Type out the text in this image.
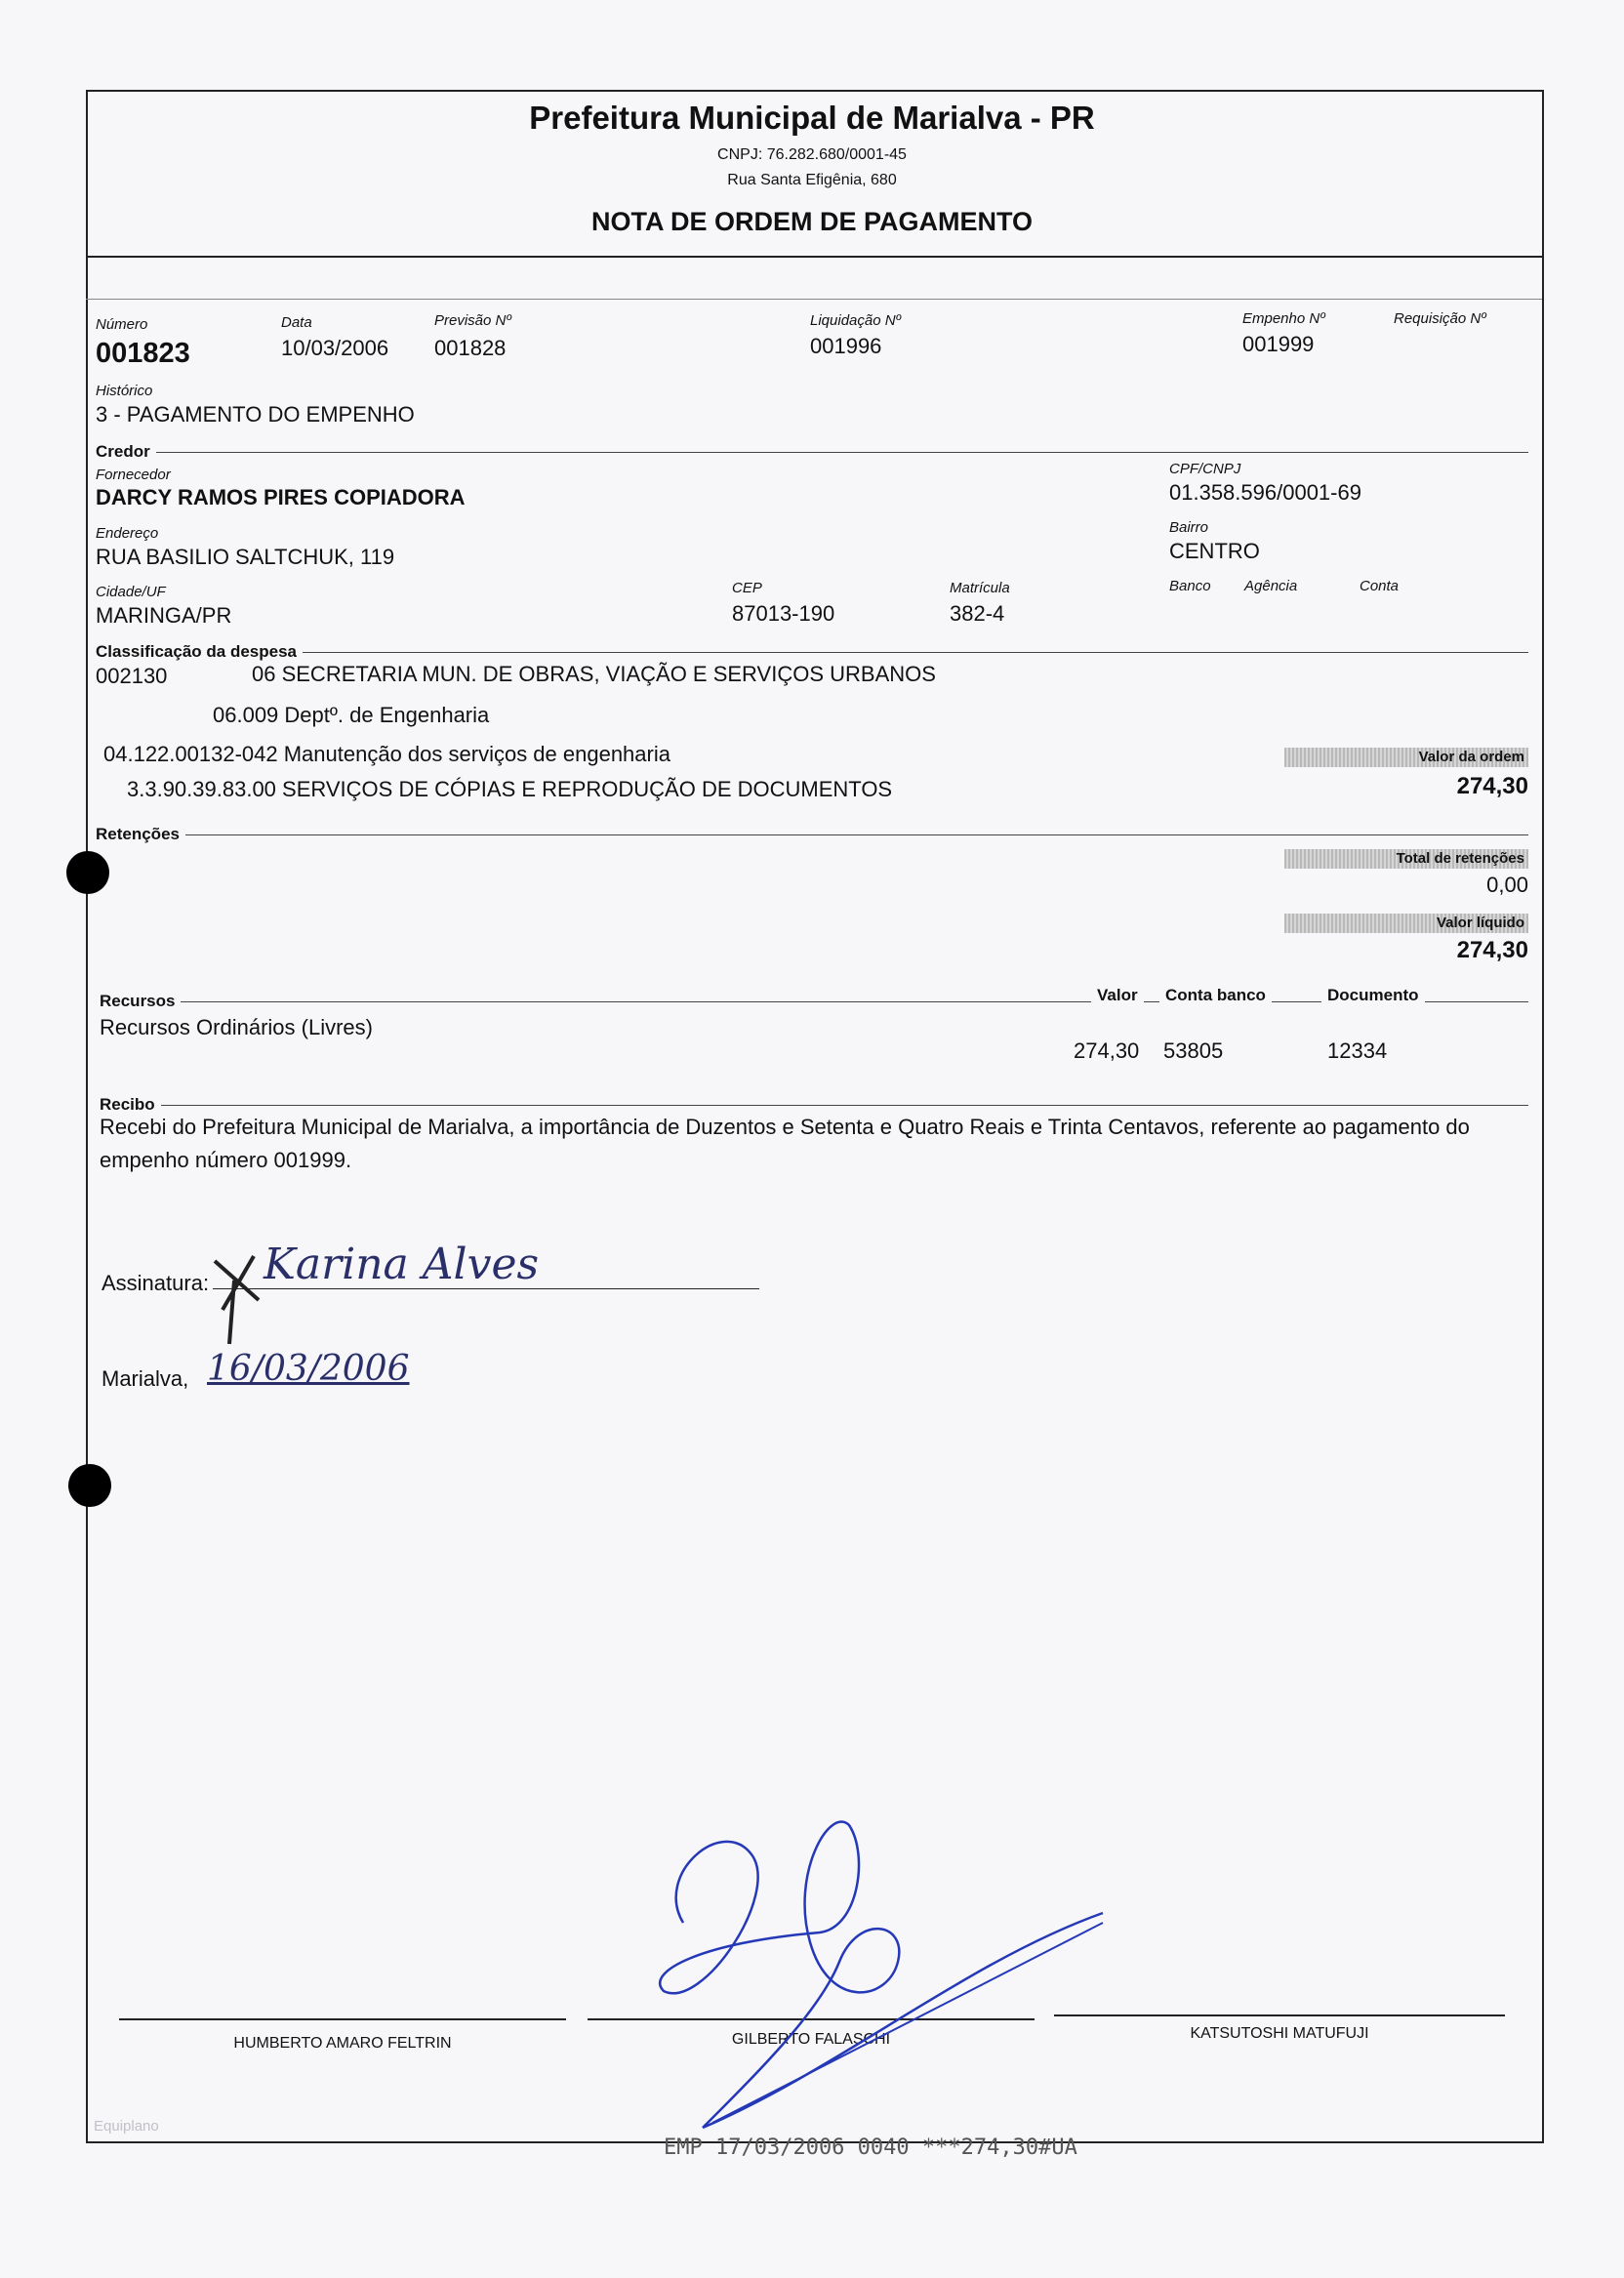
Prefeitura Municipal de Marialva - PR
CNPJ: 76.282.680/0001-45
Rua Santa Efigênia, 680
NOTA DE ORDEM DE PAGAMENTO
Número
001823
Data
10/03/2006
Previsão Nº
001828
Liquidação Nº
001996
Empenho Nº
001999
Requisição Nº
Histórico
3 - PAGAMENTO DO EMPENHO
Credor
Fornecedor
DARCY RAMOS PIRES COPIADORA
CPF/CNPJ
01.358.596/0001-69
Endereço
RUA BASILIO SALTCHUK, 119
Bairro
CENTRO
Cidade/UF
MARINGA/PR
CEP
87013-190
Matrícula
382-4
Banco Agência	Conta
Classificação da despesa
002130	06 SECRETARIA MUN. DE OBRAS, VIAÇÃO E SERVIÇOS URBANOS
06.009 Deptº. de Engenharia
04.122.00132-042 Manutenção dos serviços de engenharia
3.3.90.39.83.00 SERVIÇOS DE CÓPIAS E REPRODUÇÃO DE DOCUMENTOS
Valor da ordem
274,30
Retenções
Total de retenções
0,00
Valor líquido
274,30
Recursos	Valor	Conta banco	Documento
Recursos Ordinários (Livres)
274,30 53805	12334
Recibo
Recebi do Prefeitura Municipal de Marialva, a importância de Duzentos e Setenta e Quatro Reais e Trinta Centavos, referente ao pagamento do
empenho número 001999.
Assinatura: Karina Alves
Marialva, 16/03/2006
HUMBERTO AMARO FELTRIN	GILBERTO FALASCHI	KATSUTOSHI MATUFUJI
Equiplano
EMP 17/03/2006 0040 ***274,30#UA
